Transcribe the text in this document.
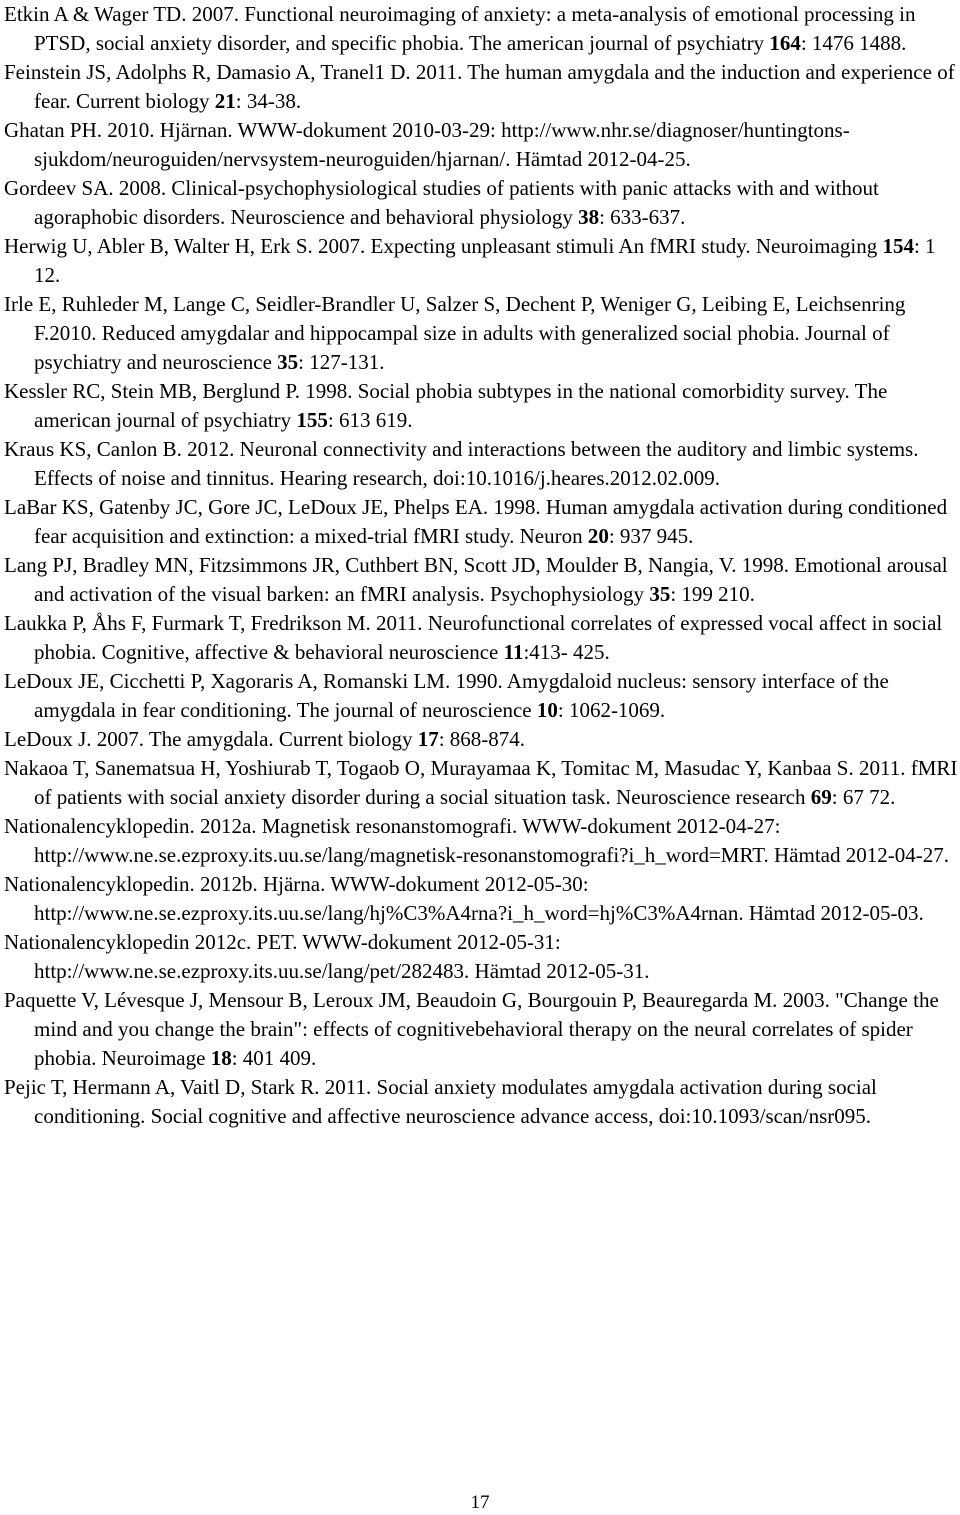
Etkin A & Wager TD. 2007. Functional neuroimaging of anxiety: a meta-analysis of emotional processing in PTSD, social anxiety disorder, and specific phobia. The american journal of psychiatry 164: 1476 1488.
Feinstein JS, Adolphs R, Damasio A, Tranel1 D. 2011. The human amygdala and the induction and experience of fear. Current biology 21: 34-38.
Ghatan PH. 2010. Hjärnan. WWW-dokument 2010-03-29: http://www.nhr.se/diagnoser/huntingtons-sjukdom/neuroguiden/nervsystem-neuroguiden/hjarnan/. Hämtad 2012-04-25.
Gordeev SA. 2008. Clinical-psychophysiological studies of patients with panic attacks with and without agoraphobic disorders. Neuroscience and behavioral physiology 38: 633-637.
Herwig U, Abler B, Walter H, Erk S. 2007. Expecting unpleasant stimuli An fMRI study. Neuroimaging 154: 1 12.
Irle E, Ruhleder M, Lange C, Seidler-Brandler U, Salzer S, Dechent P, Weniger G, Leibing E, Leichsenring F.2010. Reduced amygdalar and hippocampal size in adults with generalized social phobia. Journal of psychiatry and neuroscience 35: 127-131.
Kessler RC, Stein MB, Berglund P. 1998. Social phobia subtypes in the national comorbidity survey. The american journal of psychiatry 155: 613 619.
Kraus KS, Canlon B. 2012. Neuronal connectivity and interactions between the auditory and limbic systems. Effects of noise and tinnitus. Hearing research, doi:10.1016/j.heares.2012.02.009.
LaBar KS, Gatenby JC, Gore JC, LeDoux JE, Phelps EA. 1998. Human amygdala activation during conditioned fear acquisition and extinction: a mixed-trial fMRI study. Neuron 20: 937 945.
Lang PJ, Bradley MN, Fitzsimmons JR, Cuthbert BN, Scott JD, Moulder B, Nangia, V. 1998. Emotional arousal and activation of the visual barken: an fMRI analysis. Psychophysiology 35: 199 210.
Laukka P, Åhs F, Furmark T, Fredrikson M. 2011. Neurofunctional correlates of expressed vocal affect in social phobia. Cognitive, affective & behavioral neuroscience 11:413- 425.
LeDoux JE, Cicchetti P, Xagoraris A, Romanski LM. 1990. Amygdaloid nucleus: sensory interface of the amygdala in fear conditioning. The journal of neuroscience 10: 1062-1069.
LeDoux J. 2007. The amygdala. Current biology 17: 868-874.
Nakaoa T, Sanematsua H, Yoshiurab T, Togaob O, Murayamaa K, Tomitac M, Masudac Y, Kanbaa S. 2011. fMRI of patients with social anxiety disorder during a social situation task. Neuroscience research 69: 67 72.
Nationalencyklopedin. 2012a. Magnetisk resonanstomografi. WWW-dokument 2012-04-27: http://www.ne.se.ezproxy.its.uu.se/lang/magnetisk-resonanstomografi?i_h_word=MRT. Hämtad 2012-04-27.
Nationalencyklopedin. 2012b. Hjärna. WWW-dokument 2012-05-30: http://www.ne.se.ezproxy.its.uu.se/lang/hj%C3%A4rna?i_h_word=hj%C3%A4rnan. Hämtad 2012-05-03.
Nationalencyklopedin 2012c. PET. WWW-dokument 2012-05-31: http://www.ne.se.ezproxy.its.uu.se/lang/pet/282483. Hämtad 2012-05-31.
Paquette V, Lévesque J, Mensour B, Leroux JM, Beaudoin G, Bourgouin P, Beauregarda M. 2003. "Change the mind and you change the brain": effects of cognitivebehavioral therapy on the neural correlates of spider phobia. Neuroimage 18: 401 409.
Pejic T, Hermann A, Vaitl D, Stark R. 2011. Social anxiety modulates amygdala activation during social conditioning. Social cognitive and affective neuroscience advance access, doi:10.1093/scan/nsr095.
17
